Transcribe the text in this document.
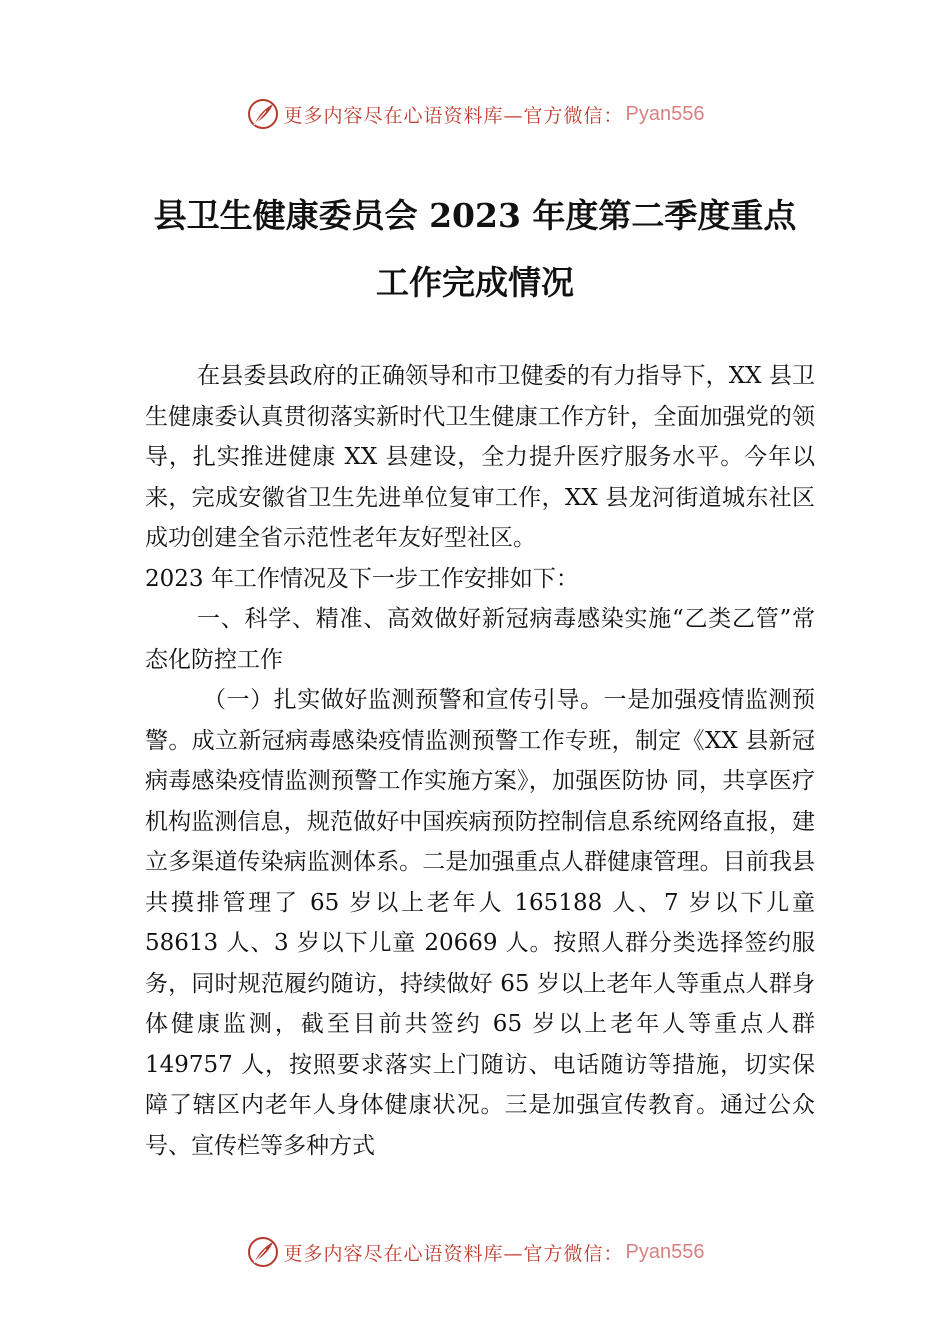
更多内容尽在心语资料库—官方微信： Pyan556
县卫生健康委员会 2023 年度第二季度重点
工作完成情况

在县委县政府的正确领导和市卫健委的有力指导下，XX 县卫生健康委认真贯彻落实新时代卫生健康工作方针，全面加强党的领导，扎实推进健康 XX 县建设，全力提升医疗服务水平。今年以来，完成安徽省卫生先进单位复审工作，XX 县龙河街道城东社区成功创建全省示范性老年友好型社区。

2023 年工作情况及下一步工作安排如下：

一、科学、精准、高效做好新冠病毒感染实施“乙类乙管”常态化防控工作

（一）扎实做好监测预警和宣传引导。一是加强疫情监测预警。成立新冠病毒感染疫情监测预警工作专班，制定《XX 县新冠病毒感染疫情监测预警工作实施方案》，加强医防协 同，共享医疗机构监测信息，规范做好中国疾病预防控制信息系统网络直报，建立多渠道传染病监测体系。二是加强重点人群健康管理。目前我县共摸排管理了 65 岁以上老年人 165188 人、7 岁以下儿童 58613 人、3 岁以下儿童 20669 人。按照人群分类选择签约服务，同时规范履约随访，持续做好 65 岁以上老年人等重点人群身体健康监测，截至目前共签约 65 岁以上老年人等重点人群 149757 人，按照要求落实上门随访、电话随访等措施，切实保障了辖区内老年人身体健康状况。三是加强宣传教育。通过公众号、宣传栏等多种方式

更多内容尽在心语资料库—官方微信： Pyan556
